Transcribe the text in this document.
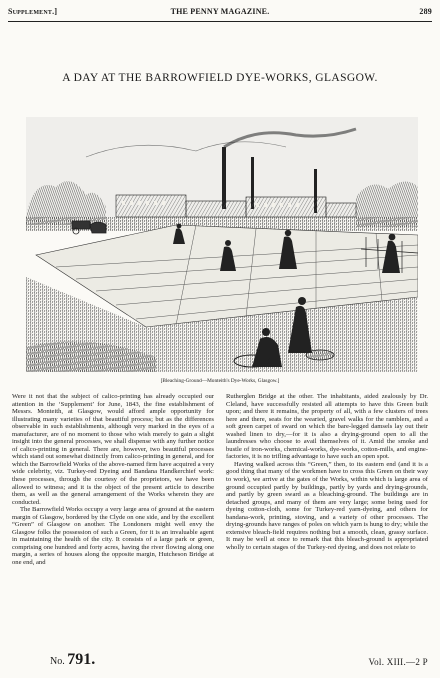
Supplement.]	THE PENNY MAGAZINE.	289
A DAY AT THE BARROWFIELD DYE-WORKS, GLASGOW.
[Bleaching-Ground—Monteith's Dye-Works, Glasgow.]

Were it not that the subject of calico-printing has already occupied our attention in the ‘Supplement’ for June, 1843, the fine establishment of Messrs. Monteith, at Glasgow, would afford ample opportunity for illustrating many varieties of that beautiful process; but as the differences observable in such establishments, although very marked in the eyes of a manufacturer, are of no moment to those who wish merely to gain a slight insight into the general processes, we shall dispense with any further notice of calico-printing in general. There are, however, two beautiful processes which stand out somewhat distinctly from calico-printing in general, and for which the Barrowfield Works of the above-named firm have acquired a very wide celebrity, viz. Turkey-red Dyeing and Bandana Handkerchief work: these processes, through the courtesy of the proprietors, we have been allowed to witness; and it is the object of the present article to describe them, as well as the general arrangement of the Works wherein they are conducted.

The Barrowfield Works occupy a very large area of ground at the eastern margin of Glasgow, bordered by the Clyde on one side, and by the excellent “Green” of Glasgow on another. The Londoners might well envy the Glasgow folks the possession of such a Green, for it is an invaluable agent in maintaining the health of the city. It consists of a large park or green, comprising one hundred and forty acres, having the river flowing along one margin, a series of houses along the opposite margin, Hutcheson Bridge at one end, and

Rutherglen Bridge at the other. The inhabitants, aided zealously by Dr. Cleland, have successfully resisted all attempts to have this Green built upon; and there it remains, the property of all, with a few clusters of trees here and there, seats for the wearied, gravel walks for the ramblers, and a soft green carpet of sward on which the bare-legged damsels lay out their washed linen to dry,—for it is also a drying-ground open to all the laundresses who choose to avail themselves of it. Amid the smoke and bustle of iron-works, chemical-works, dye-works, cotton-mills, and engine-factories, it is no trifling advantage to have such an open spot.

Having walked across this “Green,” then, to its eastern end (and it is a good thing that many of the workmen have to cross this Green on their way to work), we arrive at the gates of the Works, within which is large area of ground occupied partly by buildings, partly by yards and drying-grounds, and partly by green sward as a bleaching-ground. The buildings are in detached groups, and many of them are very large; some being used for dyeing cotton-cloth, some for Turkey-red yarn-dyeing, and others for bandana-work, printing, stoving, and a variety of other processes. The drying-grounds have ranges of poles on which yarn is hung to dry; while the extensive bleach-field requires nothing but a smooth, clean, grassy surface. It may be well at once to remark that this bleach-ground is appropriated wholly to certain stages of the Turkey-red dyeing, and does not relate to

No. 791.	Vol. XIII.—2 P
